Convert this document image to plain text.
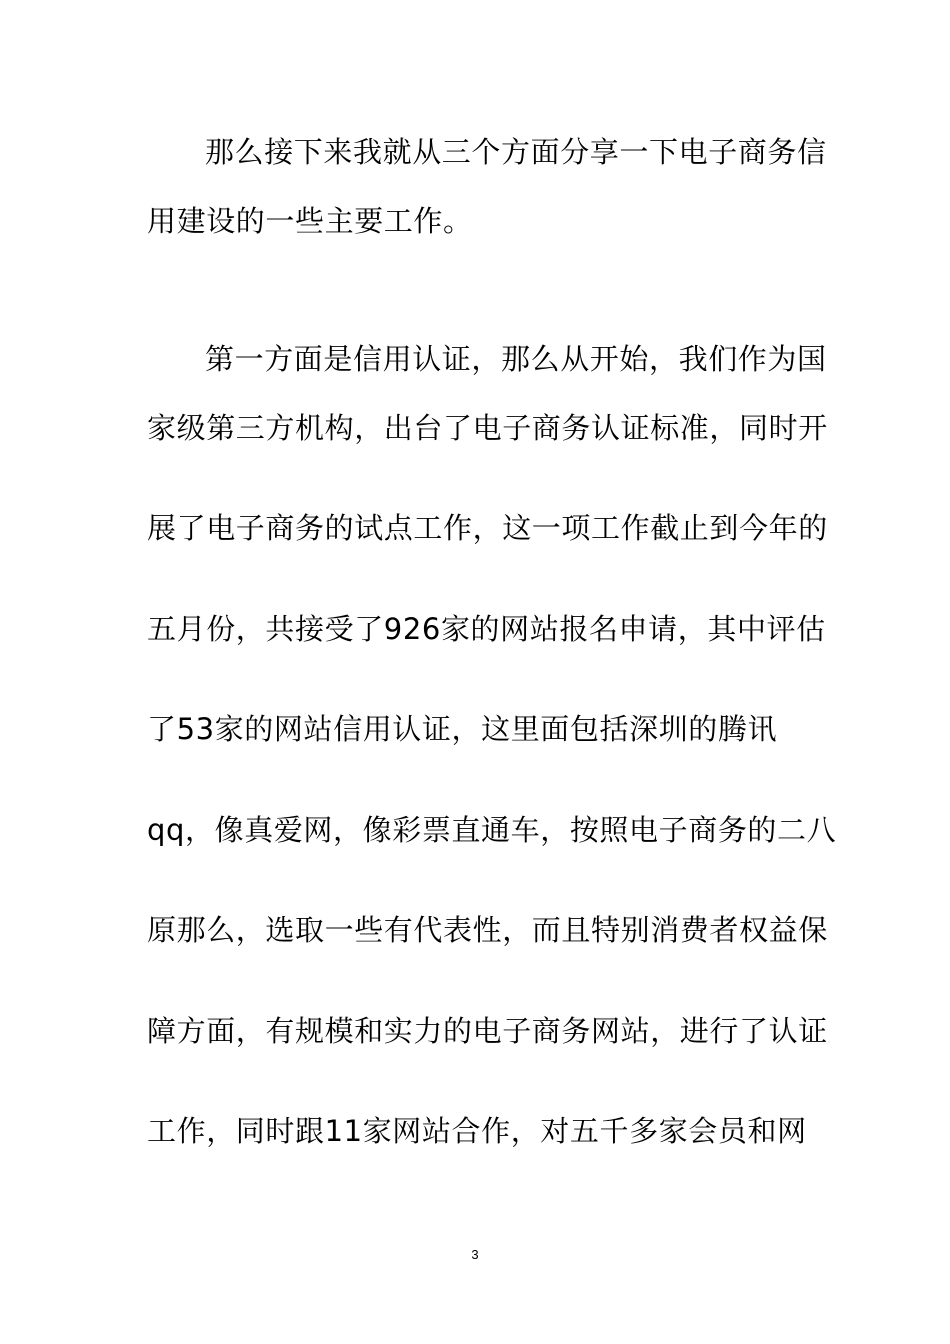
那么接下来我就从三个方面分享一下电子商务信
用建设的一些主要工作。
第一方面是信用认证，那么从开始，我们作为国
家级第三方机构，出台了电子商务认证标准，同时开
展了电子商务的试点工作，这一项工作截止到今年的
五月份，共接受了926家的网站报名申请，其中评估
了53家的网站信用认证，这里面包括深圳的腾讯
qq，像真爱网，像彩票直通车，按照电子商务的二八
原那么，选取一些有代表性，而且特别消费者权益保
障方面，有规模和实力的电子商务网站，进行了认证
工作，同时跟11家网站合作，对五千多家会员和网
3
